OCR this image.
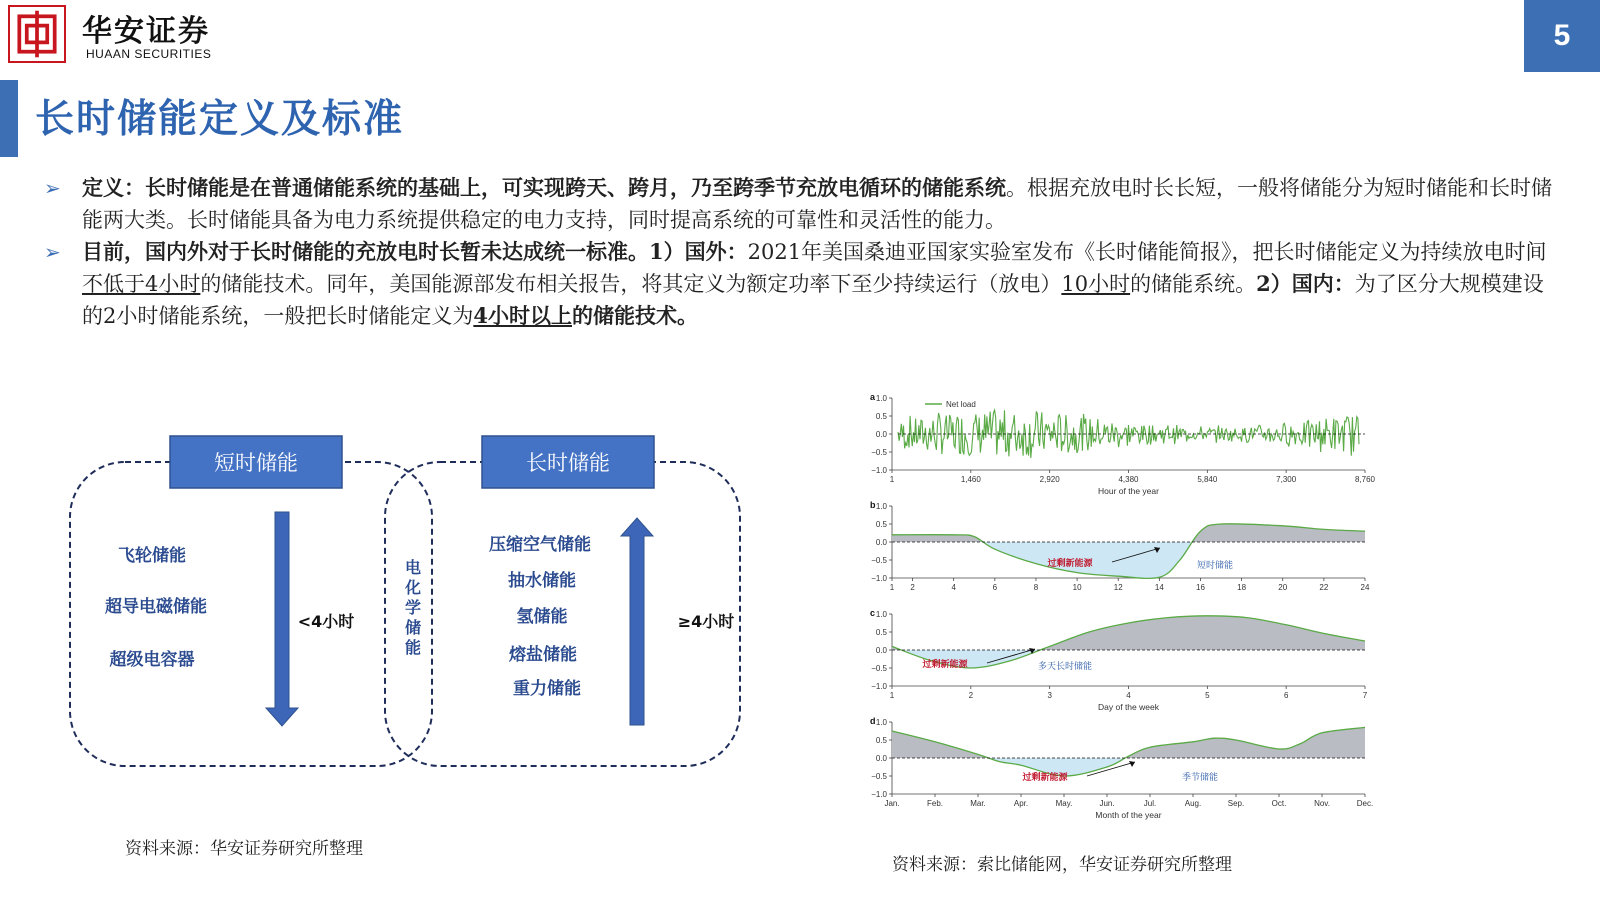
华安证券
HUAAN SECURITIES
5
长时储能定义及标准
➢ 定义：长时储能是在普通储能系统的基础上，可实现跨天、跨月，乃至跨季节充放电循环的储能系统。根据充放电时长长短，一般将储能分为短时储能和长时储能两大类。长时储能具备为电力系统提供稳定的电力支持，同时提高系统的可靠性和灵活性的能力。
➢ 目前，国内外对于长时储能的充放电时长暂未达成统一标准。1）国外：2021年美国桑迪亚国家实验室发布《长时储能简报》，把长时储能定义为持续放电时间不低于4小时的储能技术。同年，美国能源部发布相关报告，将其定义为额定功率下至少持续运行（放电）10小时的储能系统。2）国内：为了区分大规模建设的2小时储能系统，一般把长时储能定义为4小时以上的储能技术。
短时储能	长时储能
飞轮储能
超导电磁储能
超级电容器
<4小时
电
化
学
储
能
压缩空气储能
抽水储能
氢储能
熔盐储能
重力储能
≥4小时
资料来源：华安证券研究所整理
a 1.0
0.5
0.0
−0.5
−1.0
1	1,460	2,920	4,380	5,840	7,300	8,760
Hour of the year
Net load
b 1.0
0.5
0.0
−0.5
−1.0
1 2	4	6	8	10	12	14	16	18	20	22	24
过剩新能源	短时储能
c 1.0
0.5
0.0
−0.5
−1.0
1	2	3	4	5	6	7
Day of the week
过剩新能源	多天长时储能
d 1.0
0.5
0.0
−0.5
−1.0
Jan.	Feb.	Mar.	Apr.	May.	Jun.	Jul.	Aug.	Sep.	Oct.	Nov.	Dec.
Month of the year
过剩新能源	季节储能
资料来源：索比储能网，华安证券研究所整理
